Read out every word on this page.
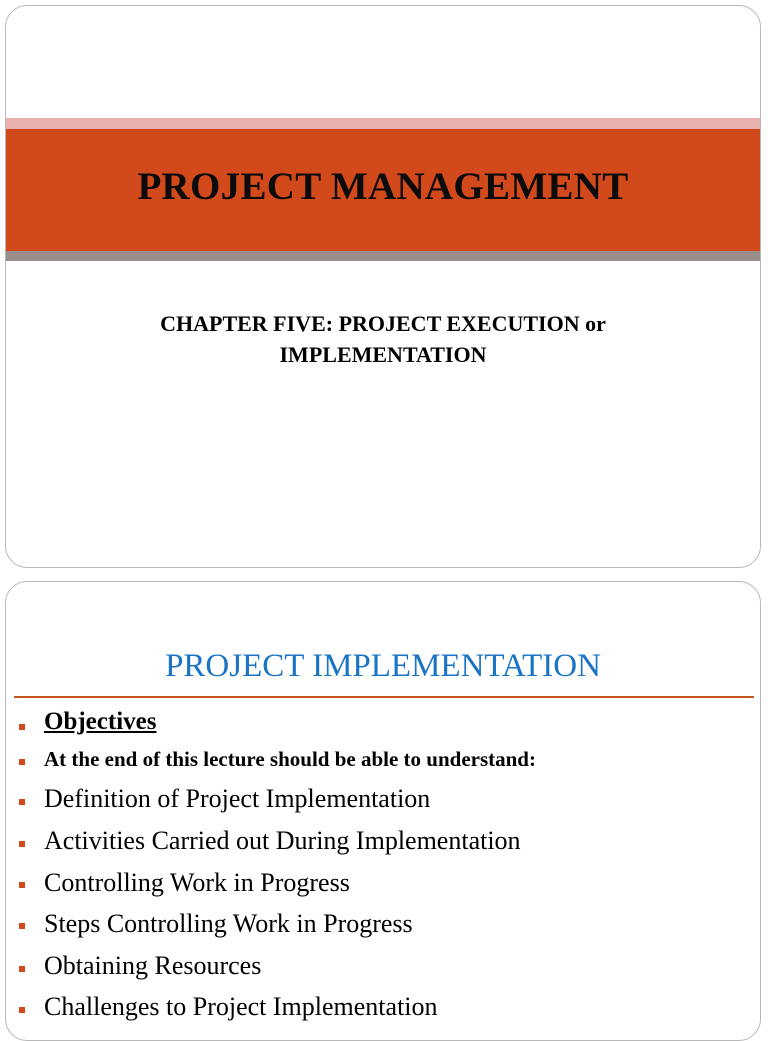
PROJECT MANAGEMENT
CHAPTER FIVE: PROJECT EXECUTION or
IMPLEMENTATION
PROJECT IMPLEMENTATION
Objectives
At the end of this lecture should be able to understand:
Definition of Project Implementation
Activities Carried out During Implementation
Controlling Work in Progress
Steps Controlling Work in Progress
Obtaining Resources
Challenges to Project Implementation
